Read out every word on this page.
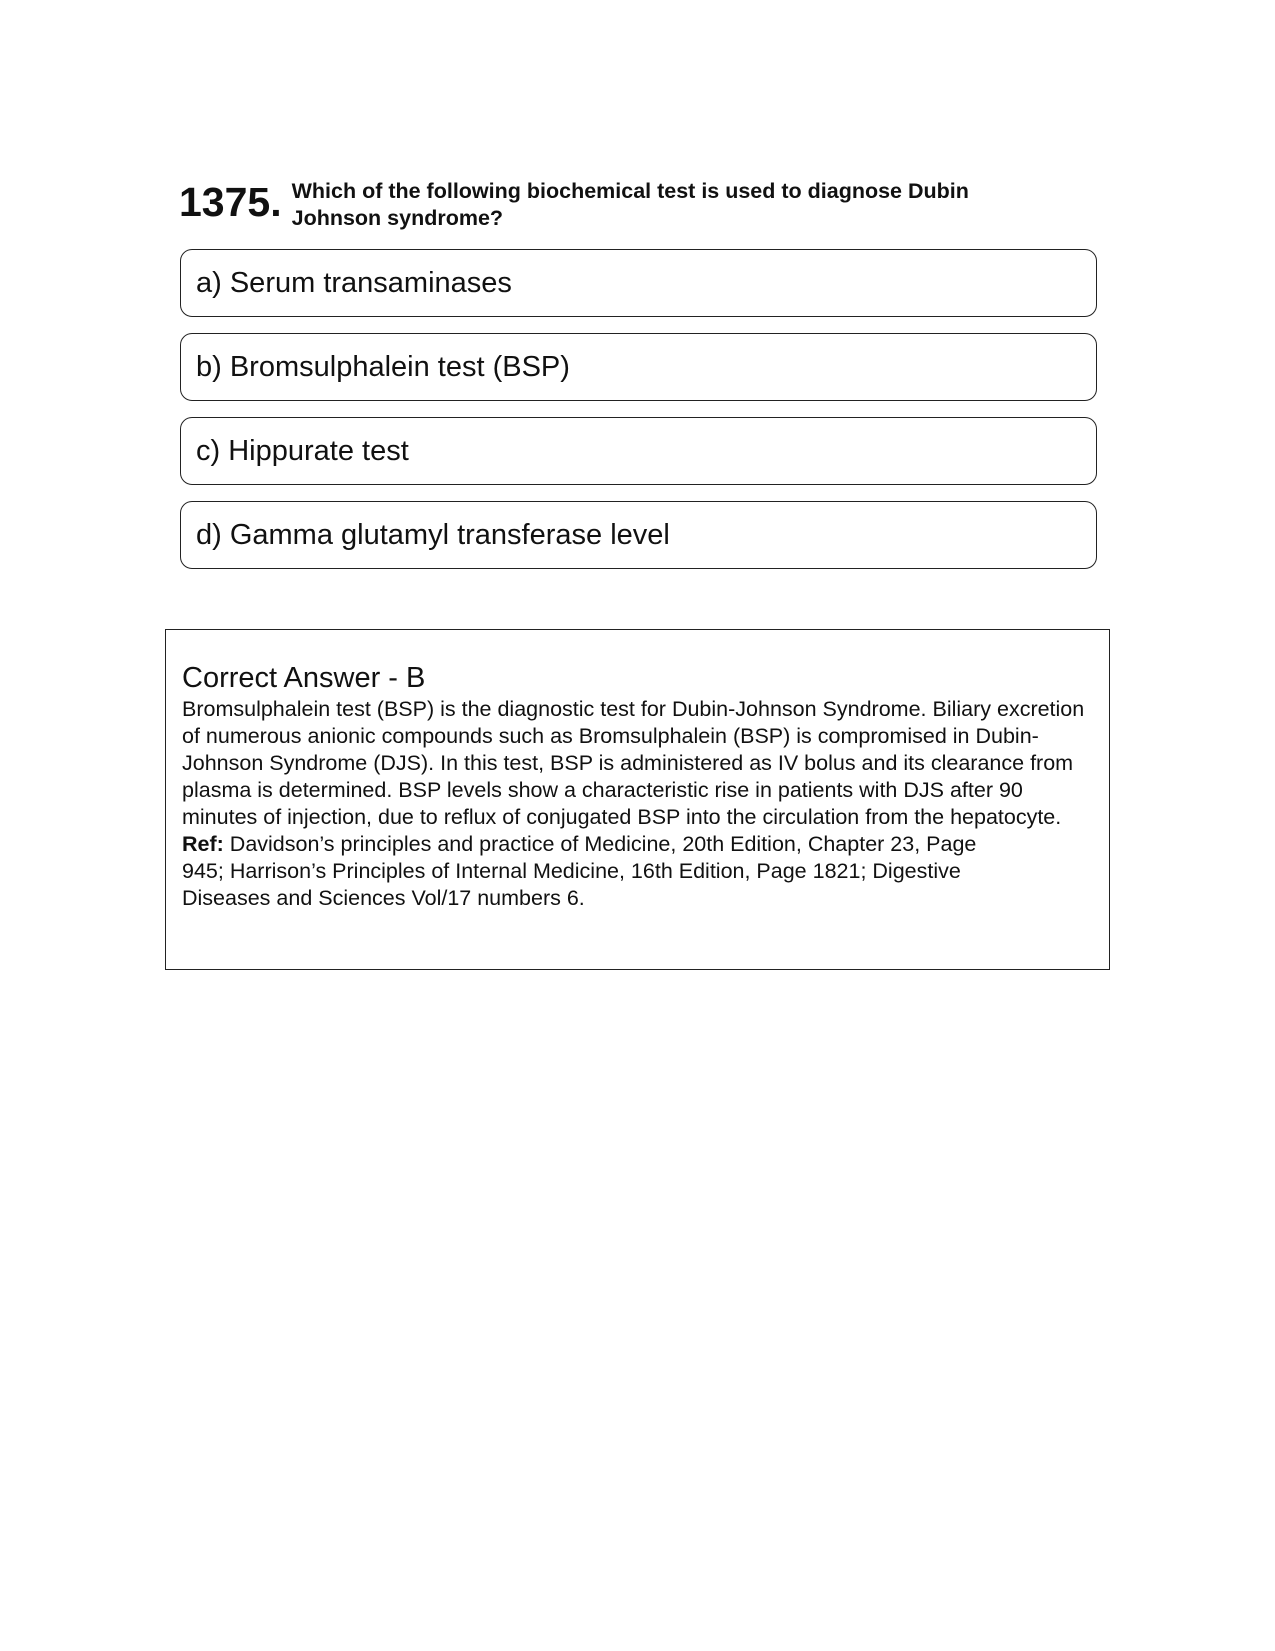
1375. Which of the following biochemical test is used to diagnose Dubin Johnson syndrome?
a) Serum transaminases
b) Bromsulphalein test (BSP)
c) Hippurate test
d) Gamma glutamyl transferase level
Correct Answer - B
Bromsulphalein test (BSP) is the diagnostic test for Dubin-Johnson Syndrome. Biliary excretion of numerous anionic compounds such as Bromsulphalein (BSP) is compromised in Dubin-Johnson Syndrome (DJS). In this test, BSP is administered as IV bolus and its clearance from plasma is determined. BSP levels show a characteristic rise in patients with DJS after 90 minutes of injection, due to reflux of conjugated BSP into the circulation from the hepatocyte.
Ref: Davidson’s principles and practice of Medicine, 20th Edition, Chapter 23, Page 945; Harrison’s Principles of Internal Medicine, 16th Edition, Page 1821; Digestive Diseases and Sciences Vol/17 numbers 6.
